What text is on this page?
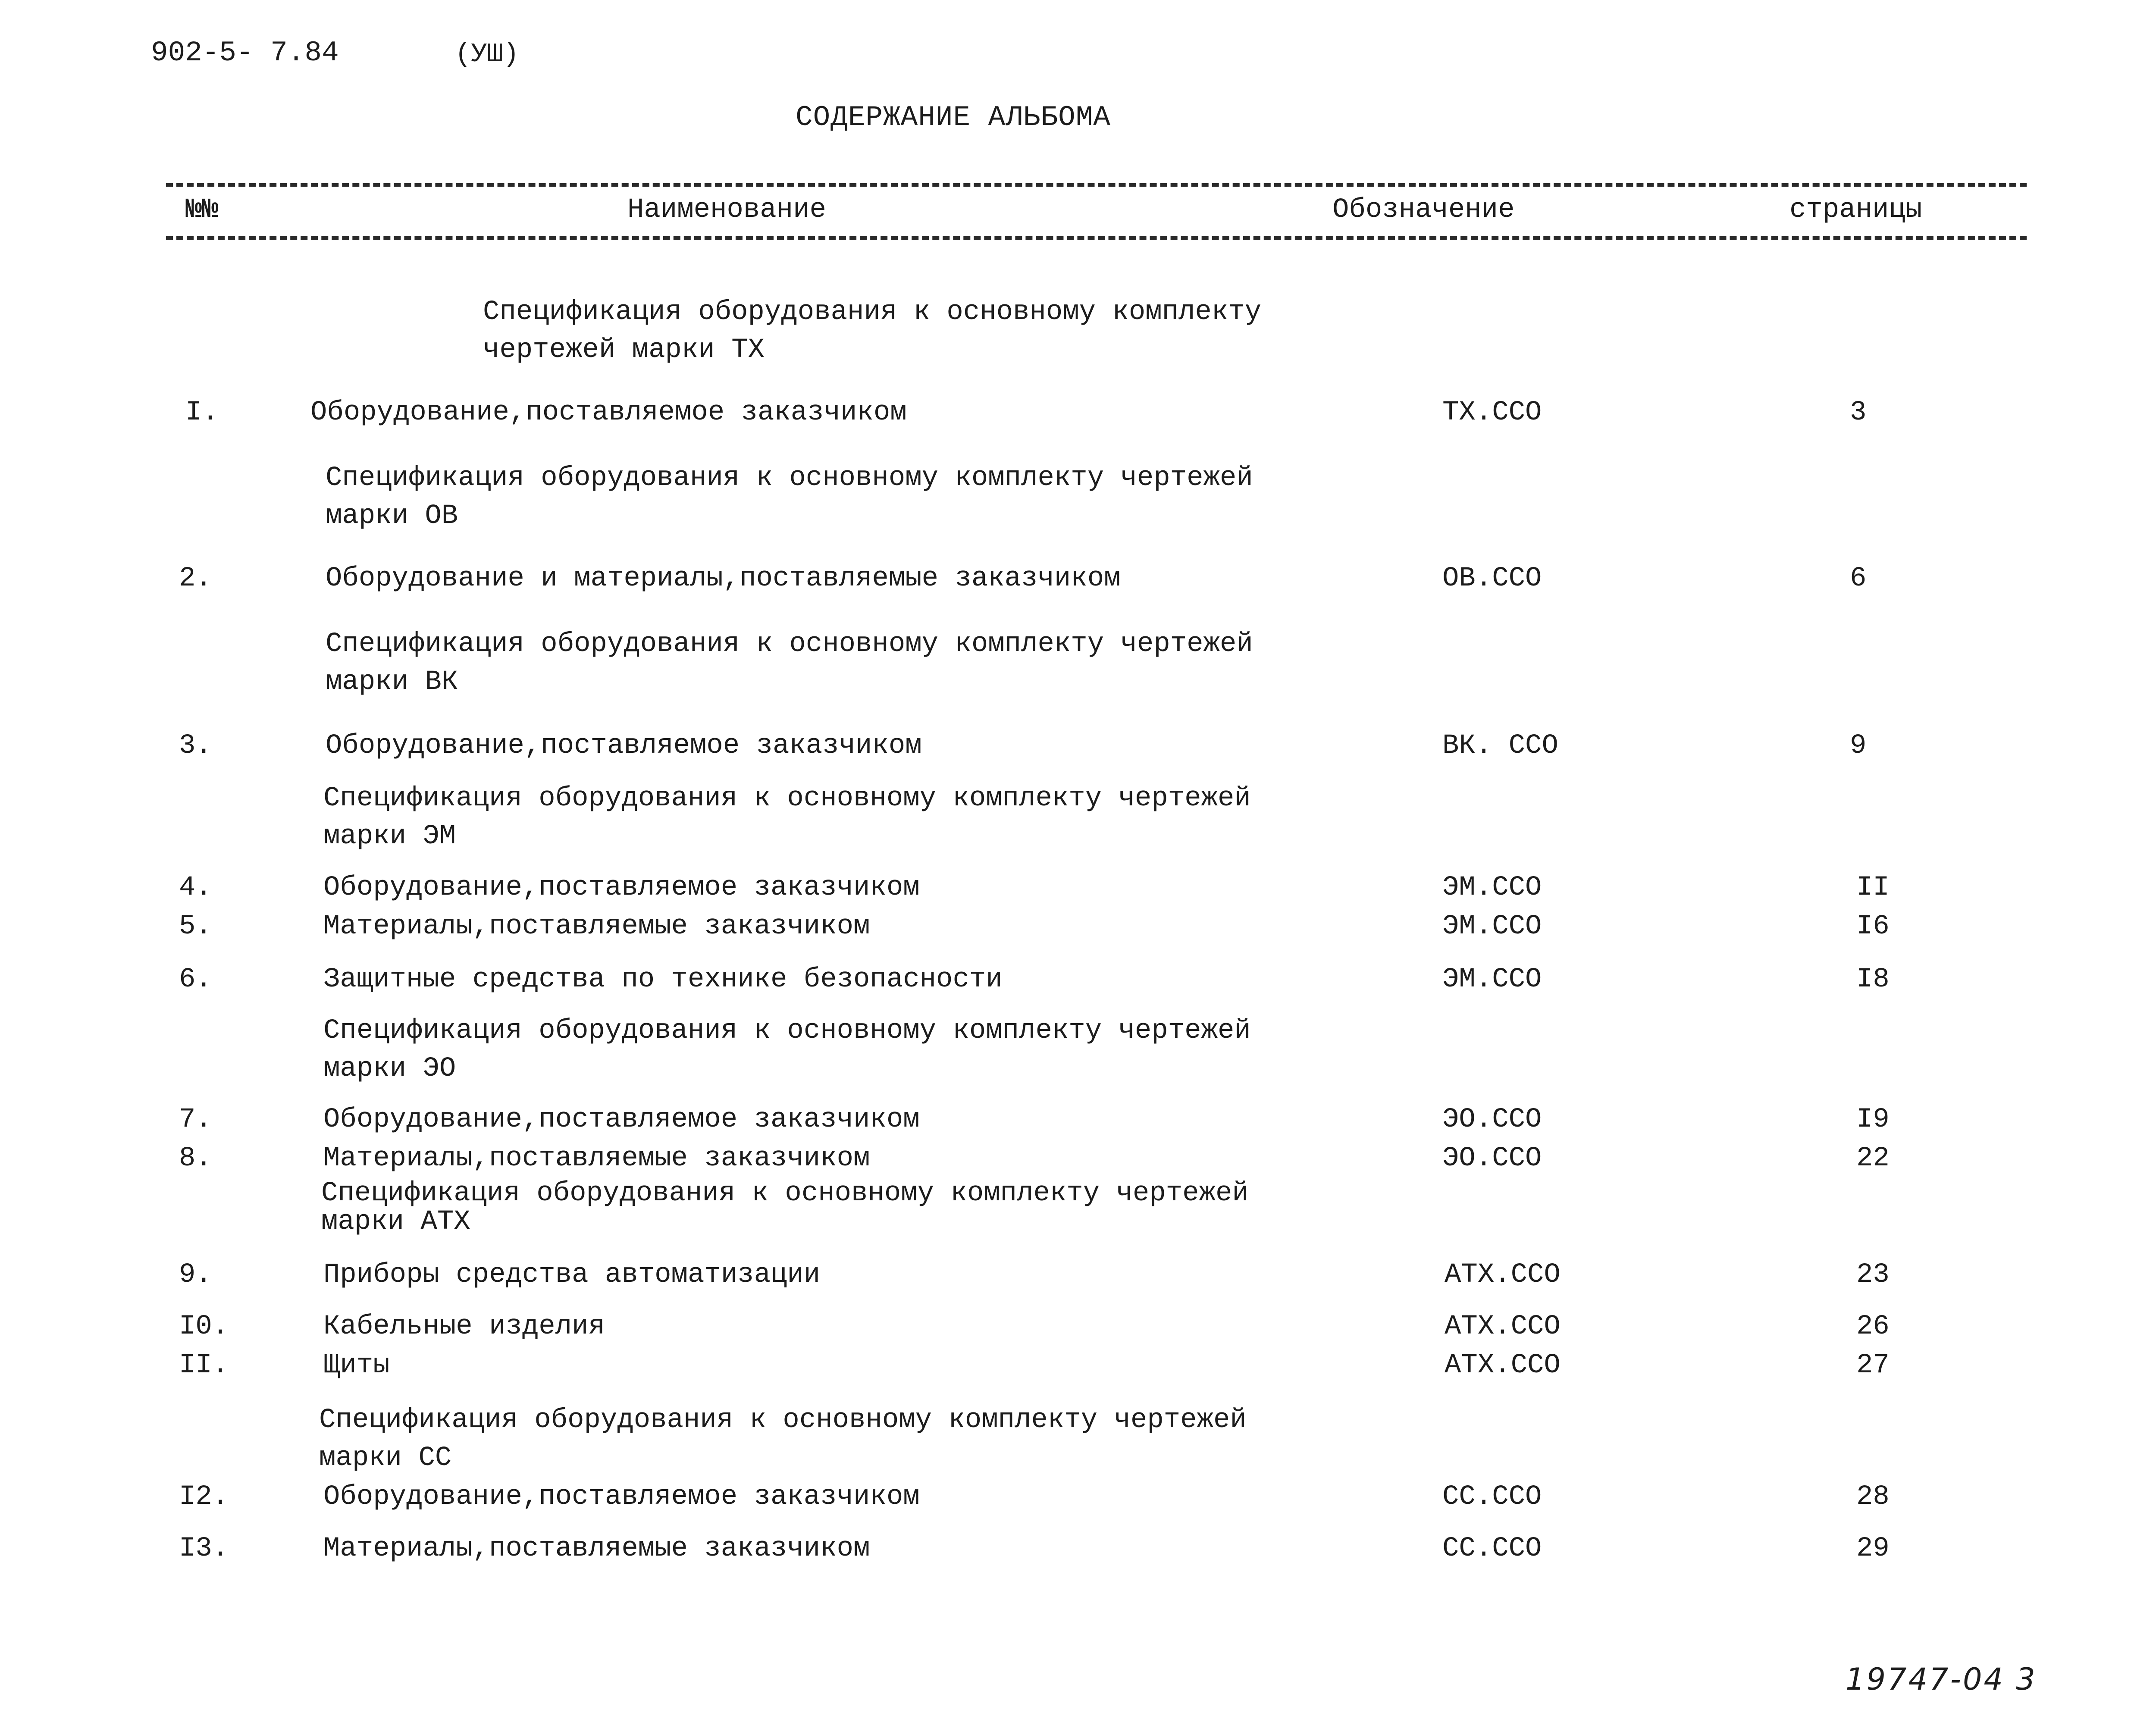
902-5- 7.84	(УШ)
СОДЕРЖАНИЕ АЛЬБОМА
№№	Наименование	Обозначение	страницы
Спецификация оборудования к основному комплекту
чертежей марки ТХ
Спецификация оборудования к основному комплекту чертежей
марки ОВ
Спецификация оборудования к основному комплекту чертежей
марки ВК
Спецификация оборудования к основному комплекту чертежей
марки ЭМ
Спецификация оборудования к основному комплекту чертежей
марки ЭО
Спецификация оборудования к основному комплекту чертежей
марки АТХ
Спецификация оборудования к основному комплекту чертежей
марки СС
I.	Оборудование,поставляемое заказчиком	ТХ.ССО	3
2.	Оборудование и материалы,поставляемые заказчиком	ОВ.ССО	6
3.	Оборудование,поставляемое заказчиком	ВК. ССО	9
4.	Оборудование,поставляемое заказчиком	ЭМ.ССО	II
5.	Материалы,поставляемые заказчиком	ЭМ.ССО	I6
6.	Защитные средства по технике безопасности	ЭМ.ССО	I8
7.	Оборудование,поставляемое заказчиком	ЭО.ССО	I9
8.	Материалы,поставляемые заказчиком	ЭО.ССО	22
9.	Приборы средства автоматизации	АТХ.ССО	23
I0.	Кабельные изделия	АТХ.ССО	26
II.	Щиты	АТХ.ССО	27
I2.	Оборудование,поставляемое заказчиком	СС.ССО	28
I3.	Материалы,поставляемые заказчиком	СС.ССО	29
19747-04 3
